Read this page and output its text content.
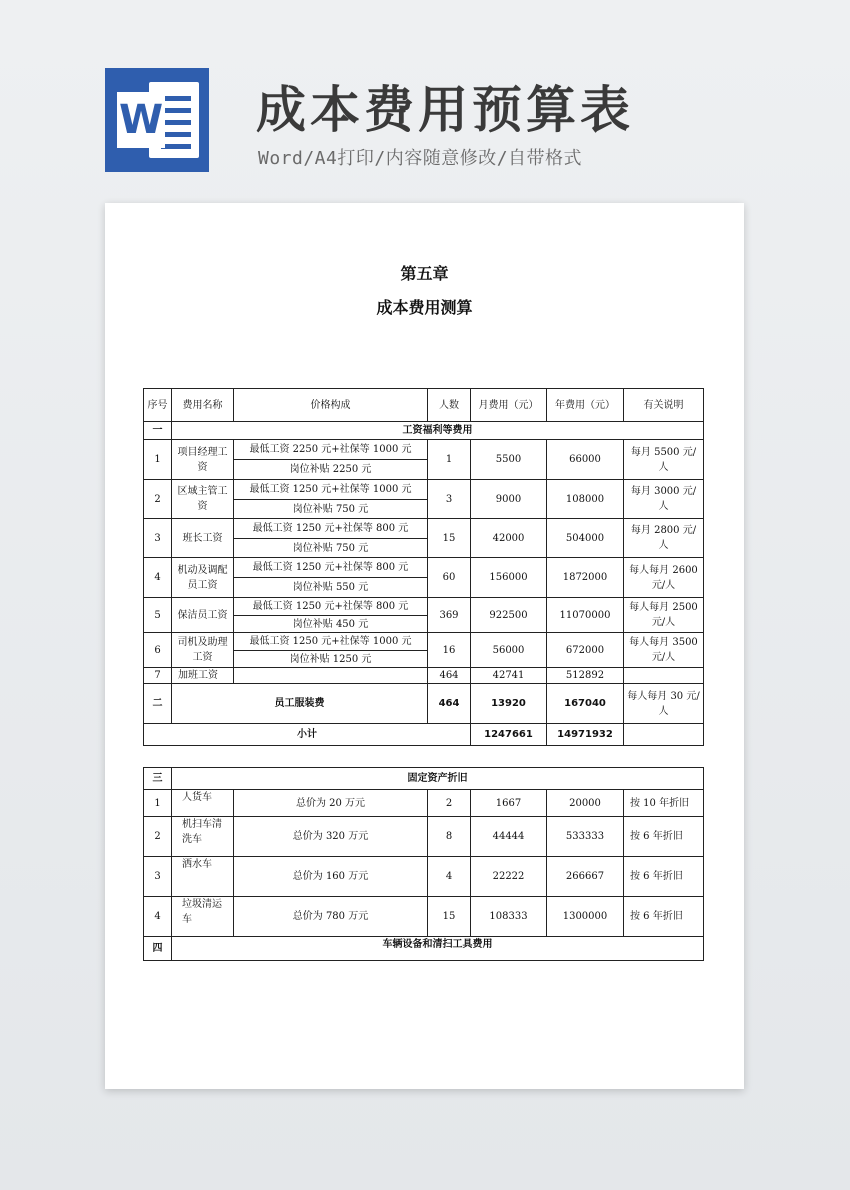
W 成本费用预算表
Word/A4打印/内容随意修改/自带格式
第五章
成本费用测算
序号	费用名称	价格构成	人数	月费用（元）	年费用（元）	有关说明
一	工资福利等费用					
1	项目经理工资	最低工资 2250 元+社保等 1000 元	1	5500	66000	每月 5500 元/人
		岗位补贴 2250 元				
2	区域主管工资	最低工资 1250 元+社保等 1000 元	3	9000	108000	每月 3000 元/人
		岗位补贴 750 元				
3	班长工资	最低工资 1250 元+社保等 800 元	15	42000	504000	每月 2800 元/人
		岗位补贴 750 元				
4	机动及调配员工资	最低工资 1250 元+社保等 800 元	60	156000	1872000	每人每月 2600 元/人
		岗位补贴 550 元				
5	保洁员工资	最低工资 1250 元+社保等 800 元	369	922500	11070000	每人每月 2500 元/人
		岗位补贴 450 元				
6	司机及助理工资	最低工资 1250 元+社保等 1000 元	16	56000	672000	每人每月 3500 元/人
		岗位补贴 1250 元				
7	加班工资		464	42741	512892	
二	员工服装费		464	13920	167040	每人每月 30 元/人
小计				1247661	14971932	

三	固定资产折旧					
1	人货车	总价为 20 万元	2	1667	20000	按 10 年折旧
2	机扫车清洗车	总价为 320 万元	8	44444	533333	按 6 年折旧
3	洒水车	总价为 160 万元	4	22222	266667	按 6 年折旧
4	垃圾清运车	总价为 780 万元	15	108333	1300000	按 6 年折旧
四	车辆设备和清扫工具费用					
